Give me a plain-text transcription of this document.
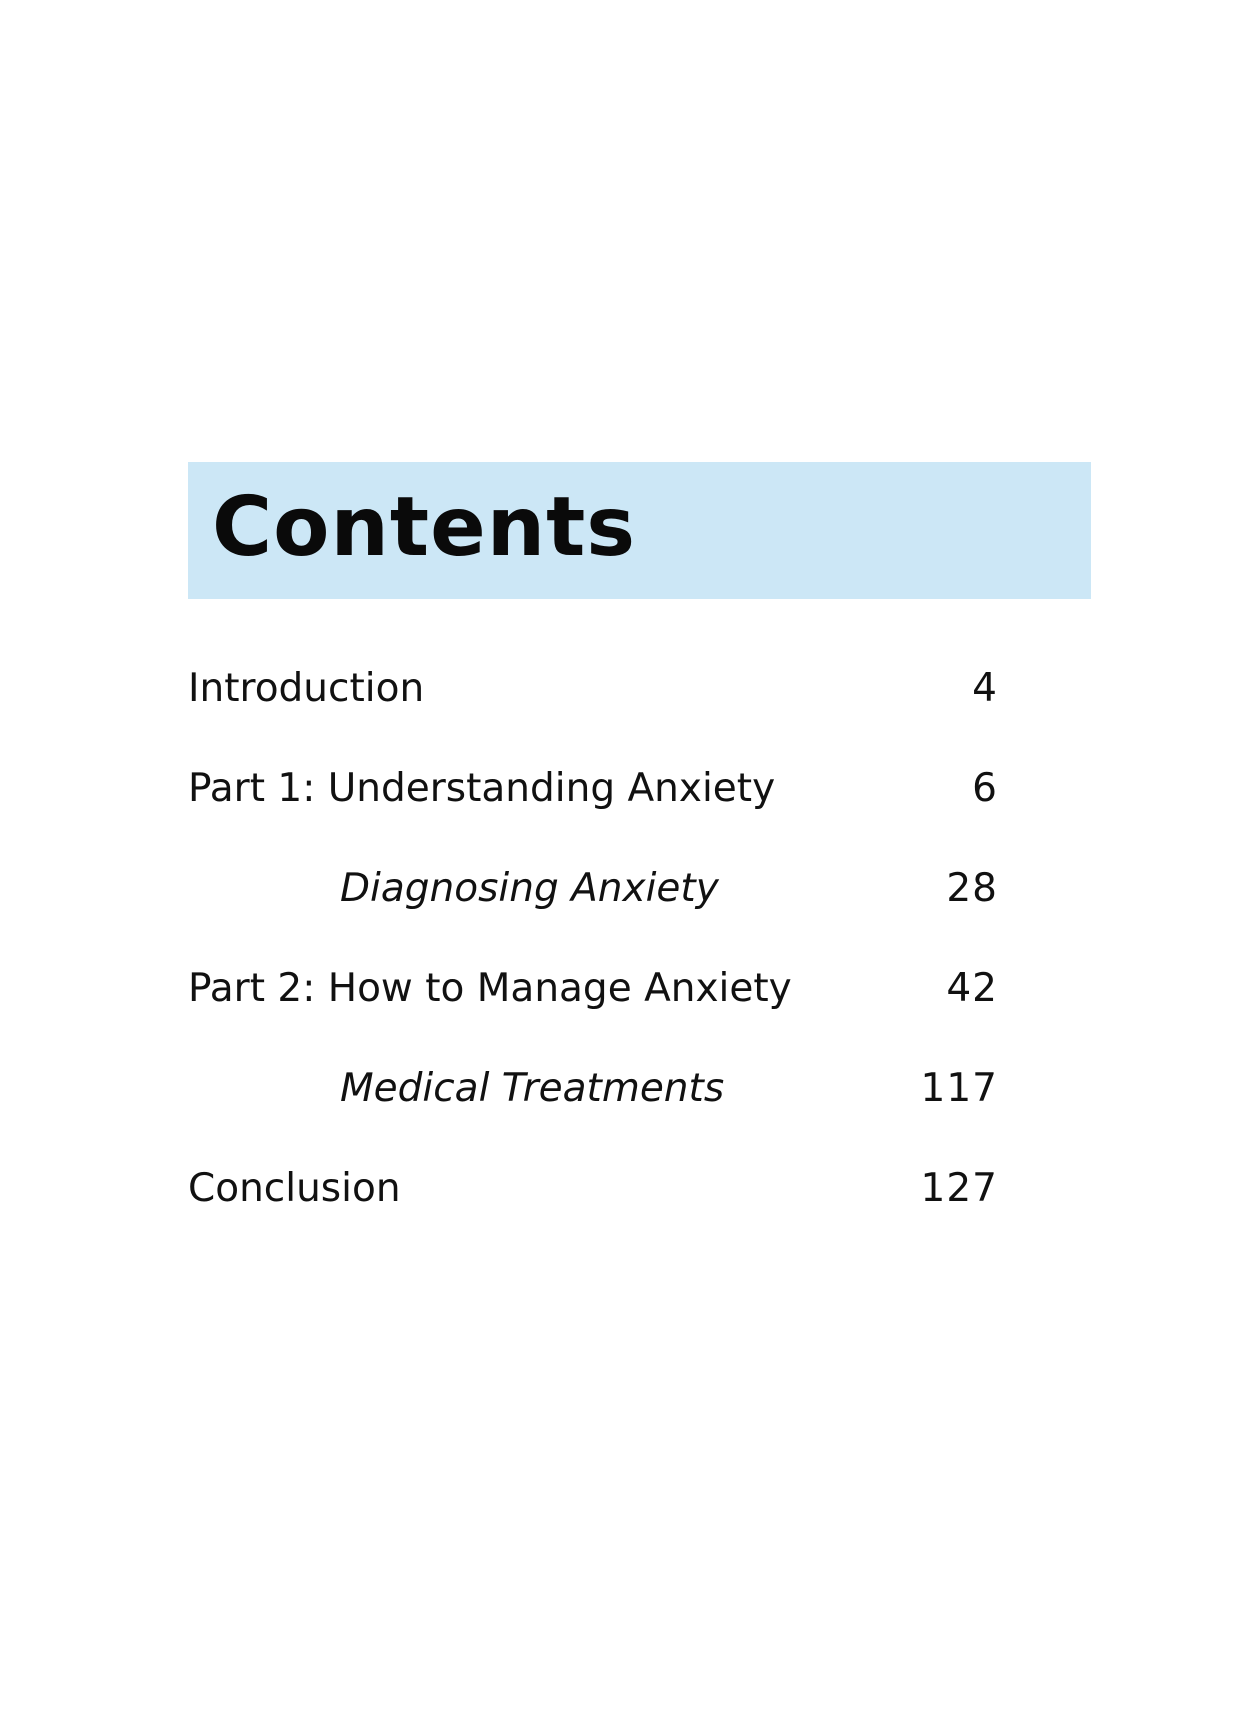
Contents
Introduction	4
Part 1: Understanding Anxiety	6
Diagnosing Anxiety	28
Part 2: How to Manage Anxiety	42
Medical Treatments	117
Conclusion	127
